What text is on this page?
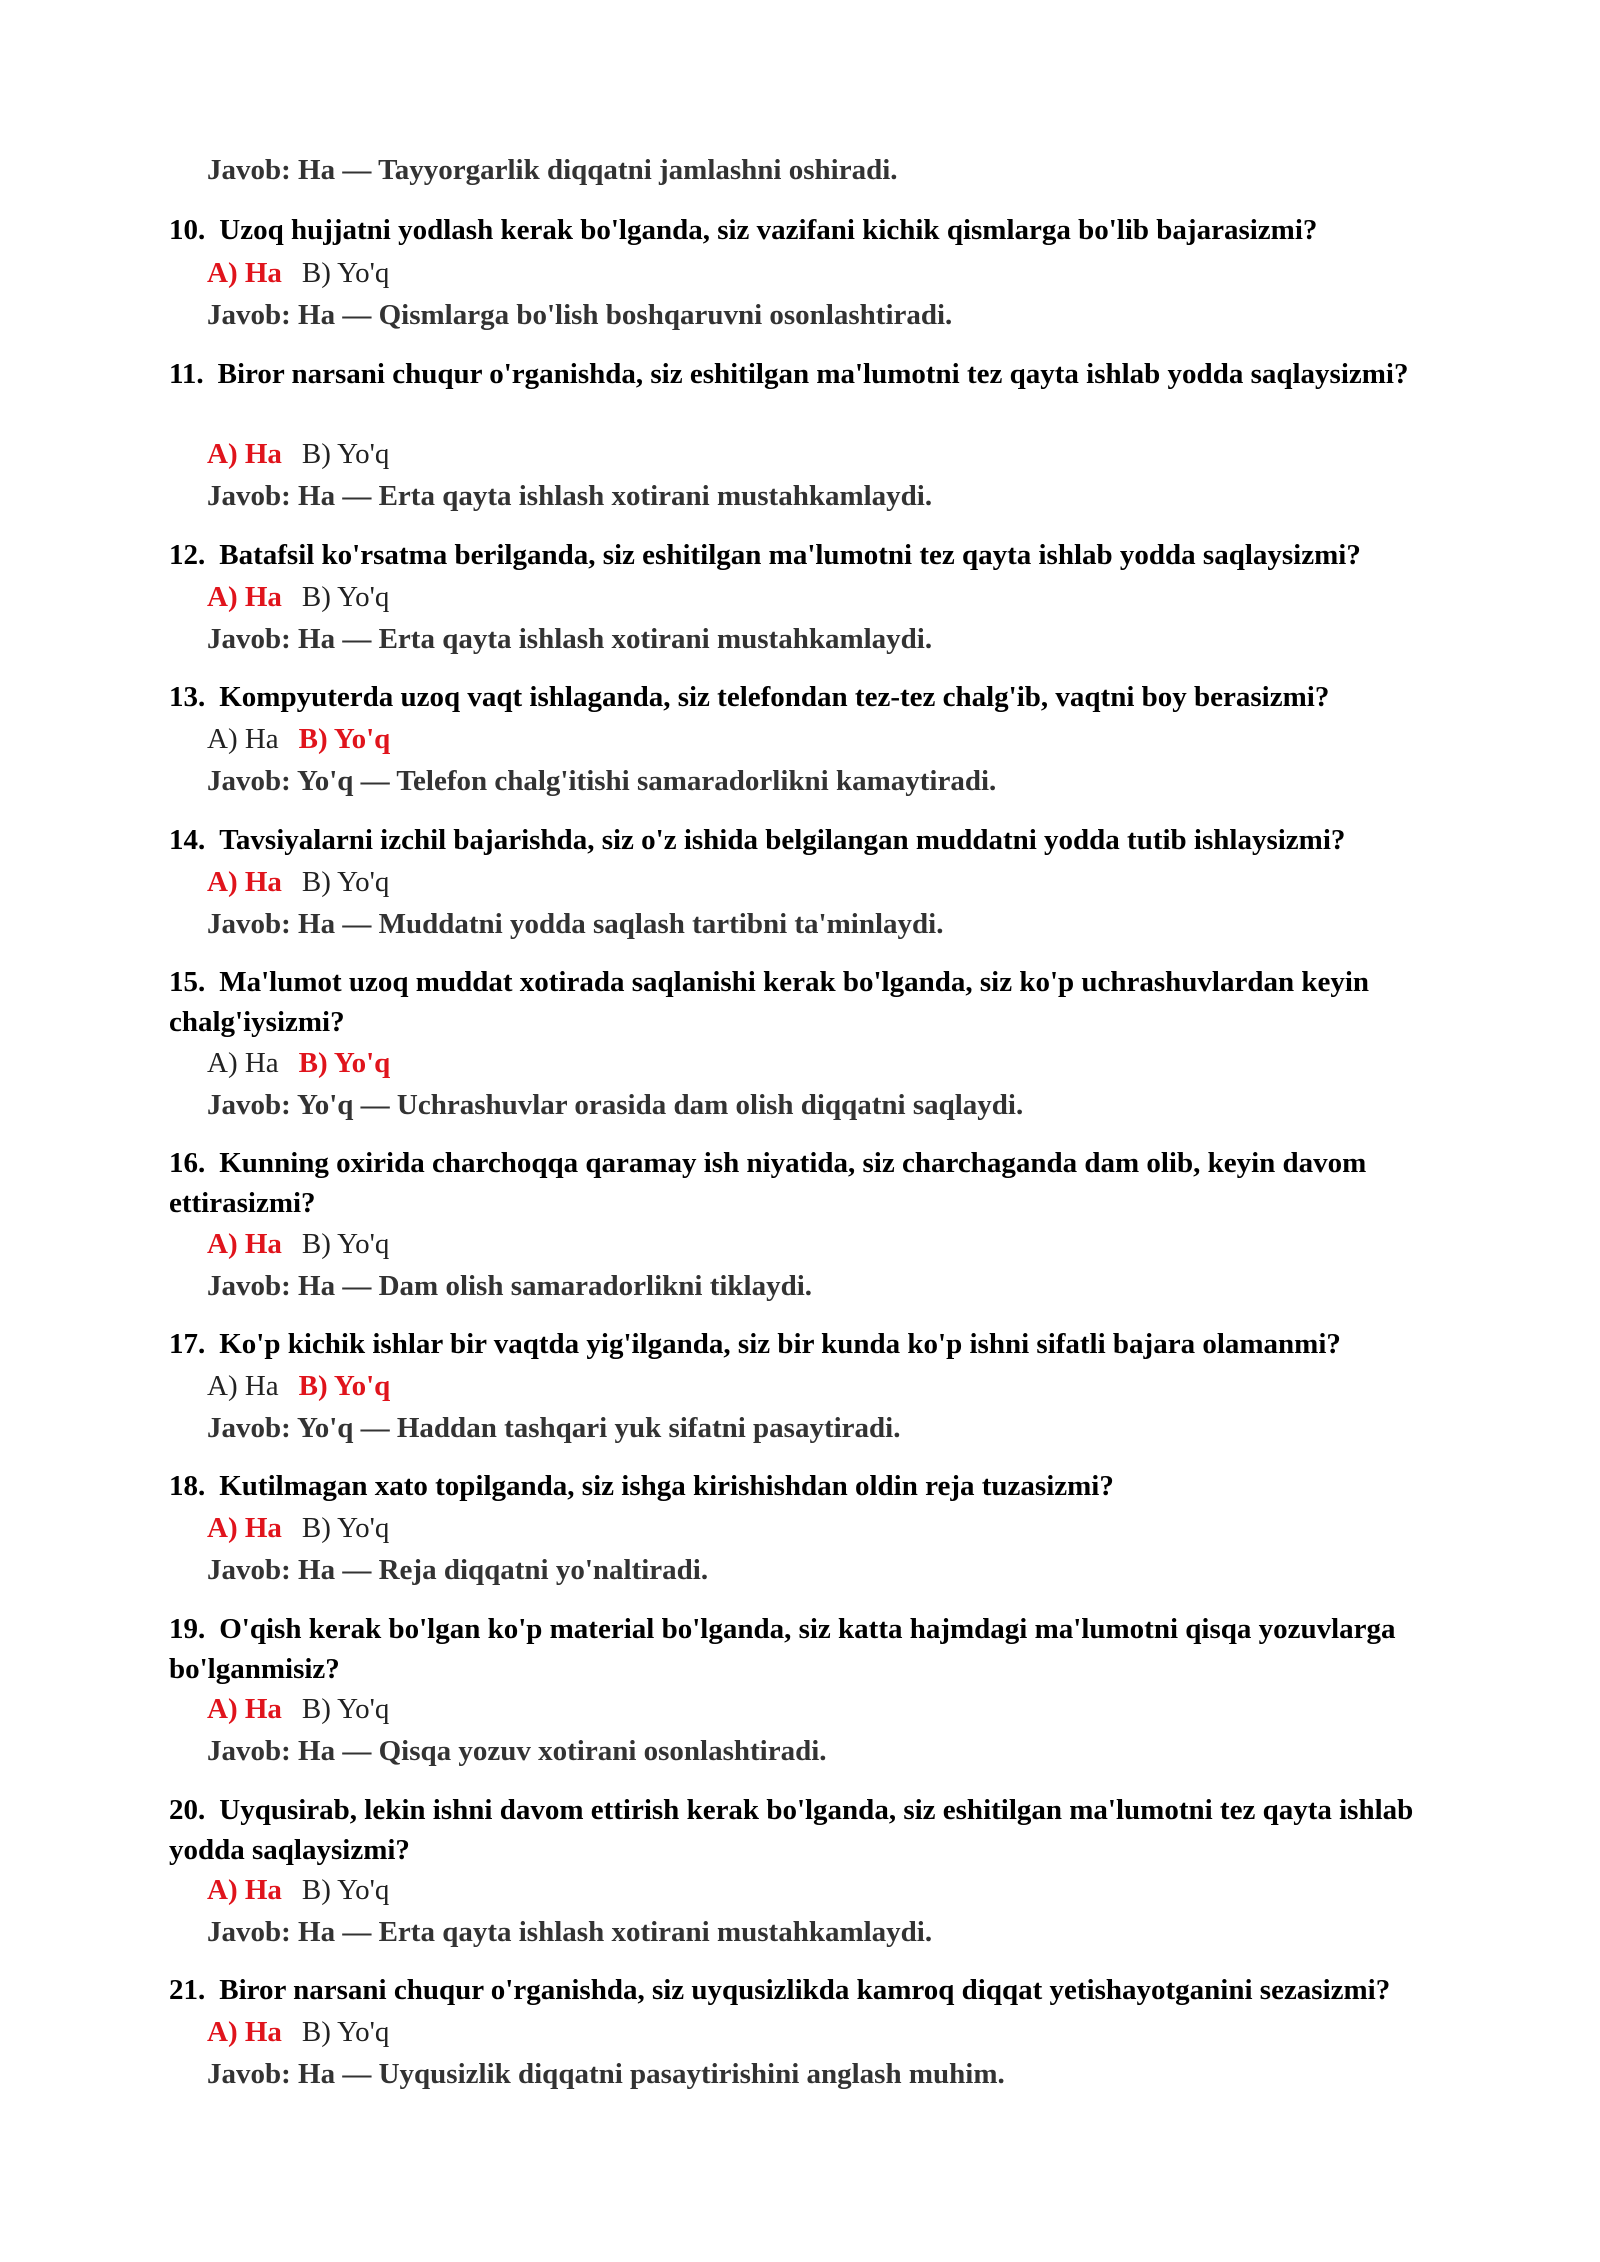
Javob: Ha — Tayyorgarlik diqqatni jamlashni oshiradi.
10. Uzoq hujjatni yodlash kerak bo'lganda, siz vazifani kichik qismlarga bo'lib bajarasizmi?
A) Ha B) Yo'q
Javob: Ha — Qismlarga bo'lish boshqaruvni osonlashtiradi.
11. Biror narsani chuqur o'rganishda, siz eshitilgan ma'lumotni tez qayta ishlab yodda saqlaysizmi?
A) Ha B) Yo'q
Javob: Ha — Erta qayta ishlash xotirani mustahkamlaydi.
12. Batafsil ko'rsatma berilganda, siz eshitilgan ma'lumotni tez qayta ishlab yodda saqlaysizmi?
A) Ha B) Yo'q
Javob: Ha — Erta qayta ishlash xotirani mustahkamlaydi.
13. Kompyuterda uzoq vaqt ishlaganda, siz telefondan tez-tez chalg'ib, vaqtni boy berasizmi?
A) Ha B) Yo'q
Javob: Yo'q — Telefon chalg'itishi samaradorlikni kamaytiradi.
14. Tavsiyalarni izchil bajarishda, siz o'z ishida belgilangan muddatni yodda tutib ishlaysizmi?
A) Ha B) Yo'q
Javob: Ha — Muddatni yodda saqlash tartibni ta'minlaydi.
15. Ma'lumot uzoq muddat xotirada saqlanishi kerak bo'lganda, siz ko'p uchrashuvlardan keyin chalg'iysizmi?
A) Ha B) Yo'q
Javob: Yo'q — Uchrashuvlar orasida dam olish diqqatni saqlaydi.
16. Kunning oxirida charchoqqa qaramay ish niyatida, siz charchaganda dam olib, keyin davom ettirasizmi?
A) Ha B) Yo'q
Javob: Ha — Dam olish samaradorlikni tiklaydi.
17. Ko'p kichik ishlar bir vaqtda yig'ilganda, siz bir kunda ko'p ishni sifatli bajara olamanmi?
A) Ha B) Yo'q
Javob: Yo'q — Haddan tashqari yuk sifatni pasaytiradi.
18. Kutilmagan xato topilganda, siz ishga kirishishdan oldin reja tuzasizmi?
A) Ha B) Yo'q
Javob: Ha — Reja diqqatni yo'naltiradi.
19. O'qish kerak bo'lgan ko'p material bo'lganda, siz katta hajmdagi ma'lumotni qisqa yozuvlarga bo'lganmisiz?
A) Ha B) Yo'q
Javob: Ha — Qisqa yozuv xotirani osonlashtiradi.
20. Uyqusirab, lekin ishni davom ettirish kerak bo'lganda, siz eshitilgan ma'lumotni tez qayta ishlab yodda saqlaysizmi?
A) Ha B) Yo'q
Javob: Ha — Erta qayta ishlash xotirani mustahkamlaydi.
21. Biror narsani chuqur o'rganishda, siz uyqusizlikda kamroq diqqat yetishayotganini sezasizmi?
A) Ha B) Yo'q
Javob: Ha — Uyqusizlik diqqatni pasaytirishini anglash muhim.
